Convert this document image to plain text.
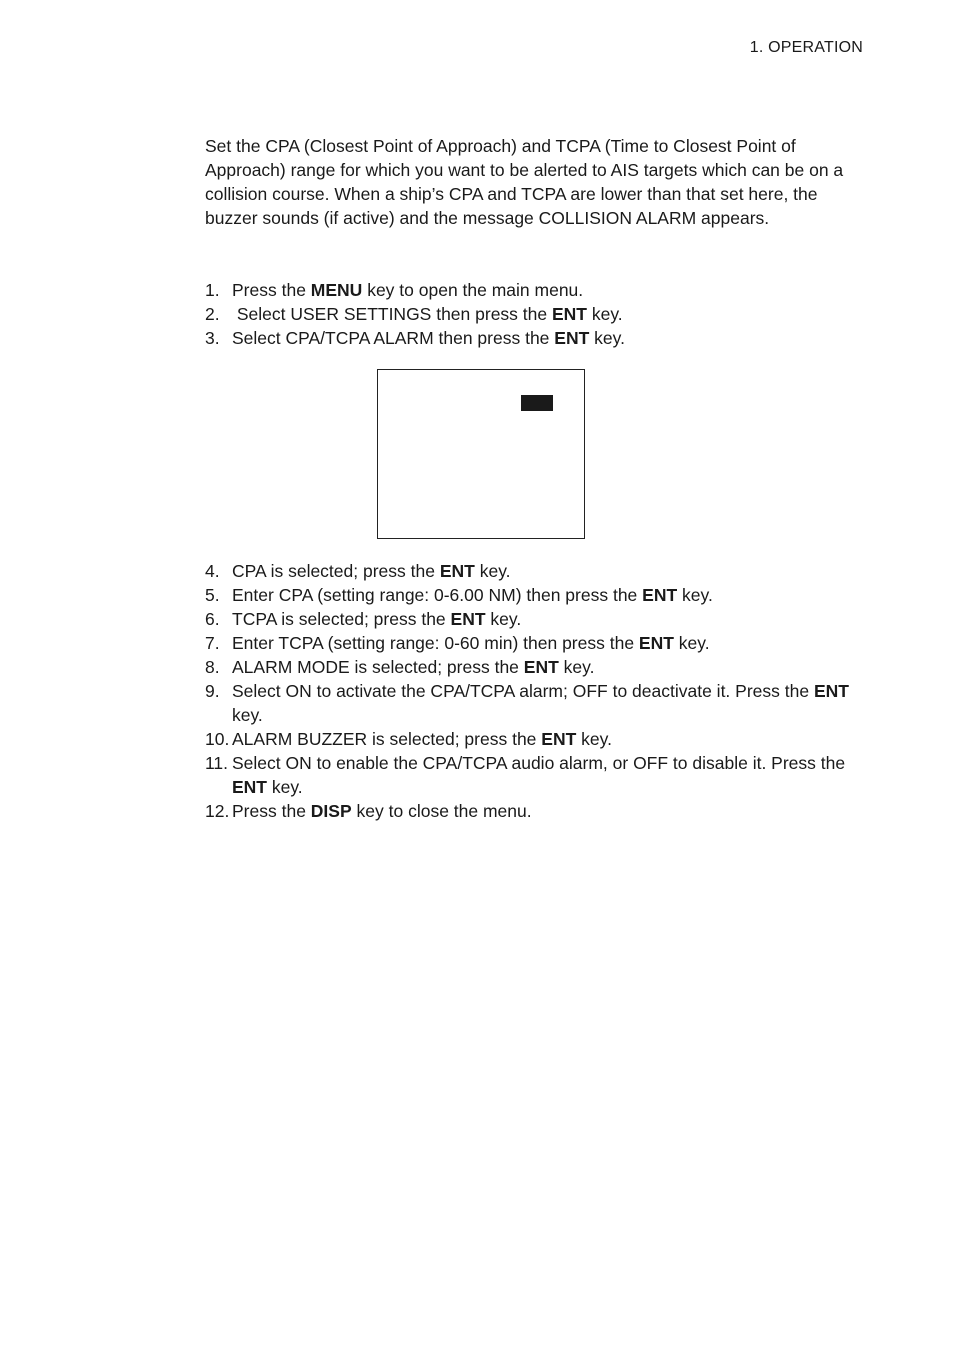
1. OPERATION

Set the CPA (Closest Point of Approach) and TCPA (Time to Closest Point of Approach) range for which you want to be alerted to AIS targets which can be on a collision course. When a ship’s CPA and TCPA are lower than that set here, the buzzer sounds (if active) and the message COLLISION ALARM appears.

1. Press the MENU key to open the main menu.
2. Select USER SETTINGS then press the ENT key.
3. Select CPA/TCPA ALARM then press the ENT key.
4. CPA is selected; press the ENT key.
5. Enter CPA (setting range: 0-6.00 NM) then press the ENT key.
6. TCPA is selected; press the ENT key.
7. Enter TCPA (setting range: 0-60 min) then press the ENT key.
8. ALARM MODE is selected; press the ENT key.
9. Select ON to activate the CPA/TCPA alarm; OFF to deactivate it. Press the ENT key.
10. ALARM BUZZER is selected; press the ENT key.
11. Select ON to enable the CPA/TCPA audio alarm, or OFF to disable it. Press the ENT key.
12. Press the DISP key to close the menu.
